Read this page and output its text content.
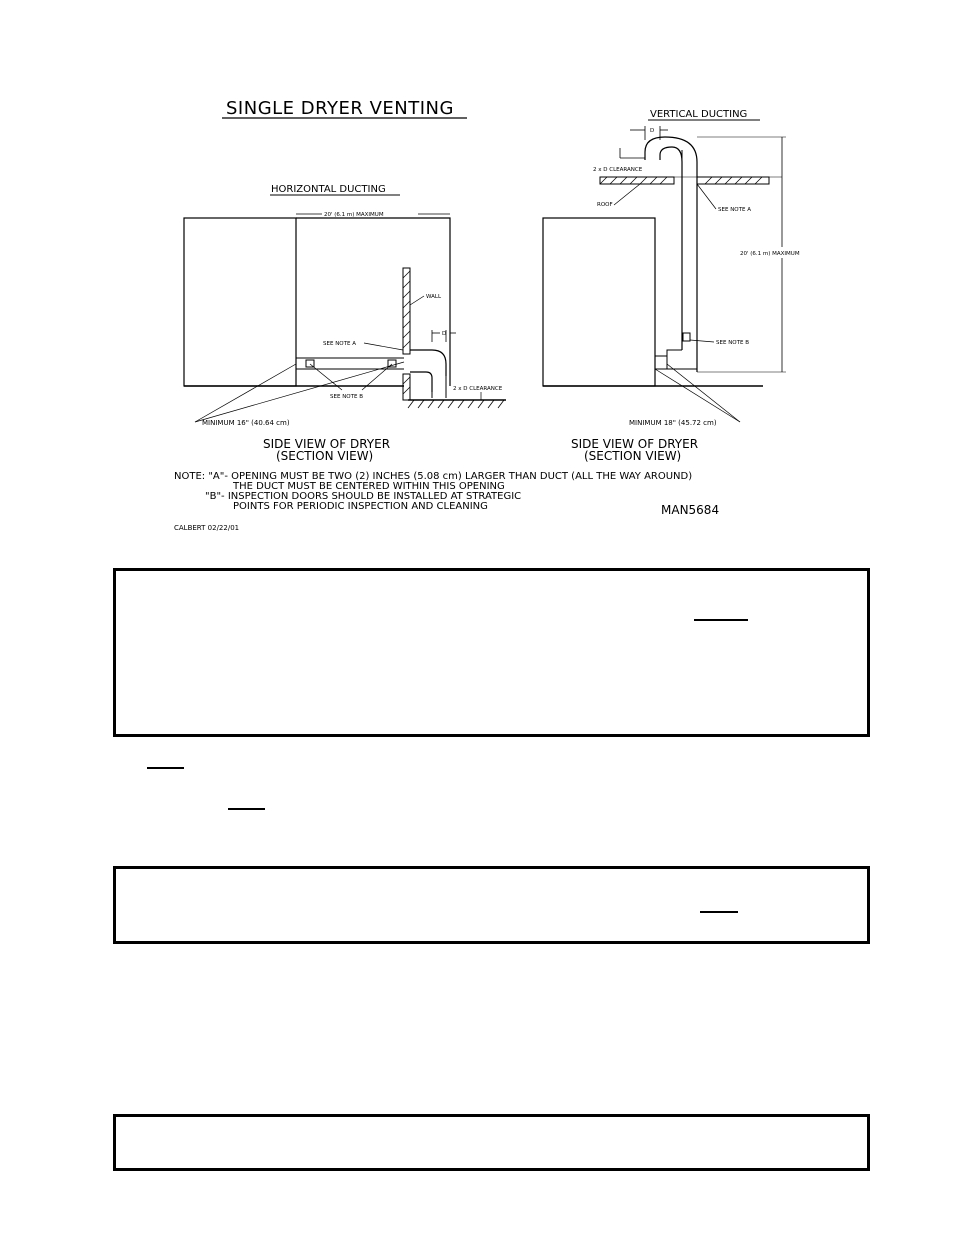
SINGLE DRYER VENTING
HORIZONTAL DUCTING
20' (6.1 m) MAXIMUM
WALL
D
2 x D CLEARANCE
SEE NOTE A
SEE NOTE B
MINIMUM 16" (40.64 cm)
SIDE VIEW OF DRYER
(SECTION VIEW)
VERTICAL DUCTING
D
2 x D CLEARANCE
ROOF
SEE NOTE A
SEE NOTE B
20' (6.1 m) MAXIMUM
MINIMUM 18" (45.72 cm)
SIDE VIEW OF DRYER
(SECTION VIEW)
NOTE: "A"- OPENING MUST BE TWO (2) INCHES (5.08 cm) LARGER THAN DUCT (ALL THE WAY AROUND)
THE DUCT MUST BE CENTERED WITHIN THIS OPENING
"B"- INSPECTION DOORS SHOULD BE INSTALLED AT STRATEGIC
POINTS FOR PERIODIC INSPECTION AND CLEANING	MAN5684
CALBERT 02/22/01
